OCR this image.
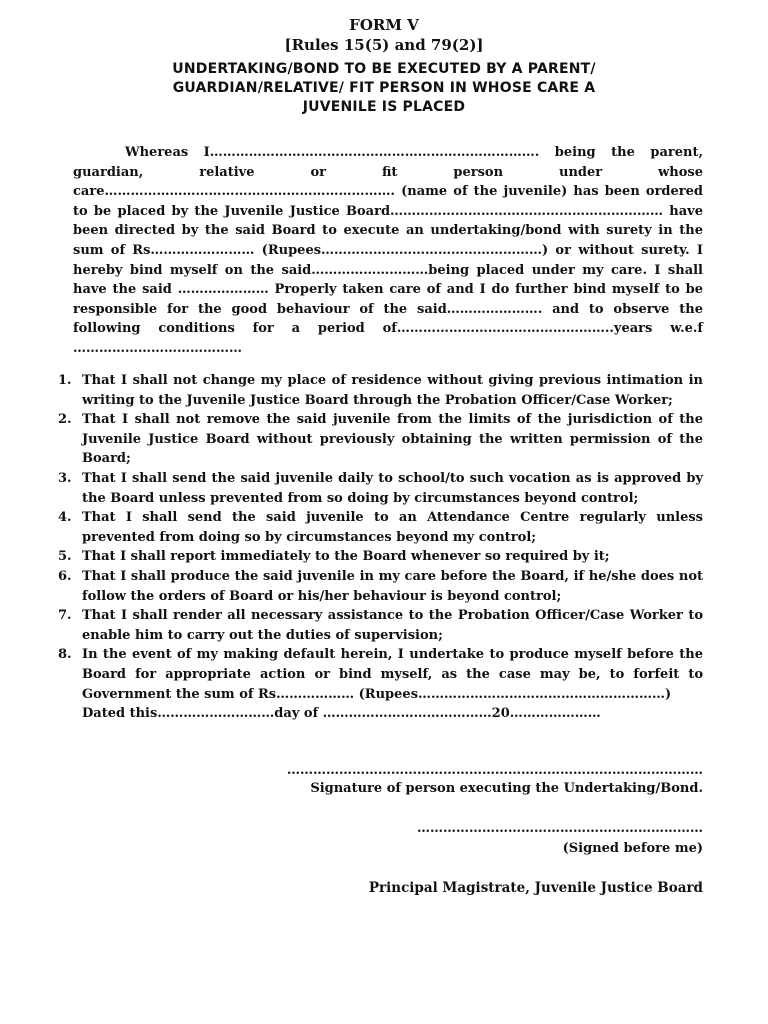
FORM V
[Rules 15(5) and 79(2)]
UNDERTAKING/BOND TO BE EXECUTED BY A PARENT/
GUARDIAN/RELATIVE/ FIT PERSON IN WHOSE CARE A
JUVENILE IS PLACED
Whereas I…………………………………………………………………. being the parent, guardian, relative or fit person under whose care…………………………………………………………. (name of the juvenile) has been ordered to be placed by the Juvenile Justice Board……………………………………………………… have been directed by the said Board to execute an undertaking/bond with surety in the sum of Rs…………………… (Rupees……………………………………………) or without surety. I hereby bind myself on the said………………………being placed under my care. I shall have the said ………………… Properly taken care of and I do further bind myself to be responsible for the good behaviour of the said…………………. and to observe the following conditions for a period of…………………………………………..years w.e.f …………………………………
1. That I shall not change my place of residence without giving previous intimation in writing to the Juvenile Justice Board through the Probation Officer/Case Worker;
2. That I shall not remove the said juvenile from the limits of the jurisdiction of the Juvenile Justice Board without previously obtaining the written permission of the Board;
3. That I shall send the said juvenile daily to school/to such vocation as is approved by the Board unless prevented from so doing by circumstances beyond control;
4. That I shall send the said juvenile to an Attendance Centre regularly unless prevented from doing so by circumstances beyond my control;
5. That I shall report immediately to the Board whenever so required by it;
6. That I shall produce the said juvenile in my care before the Board, if he/she does not follow the orders of Board or his/her behaviour is beyond control;
7. That I shall render all necessary assistance to the Probation Officer/Case Worker to enable him to carry out the duties of supervision;
8. In the event of my making default herein, I undertake to produce myself before the Board for appropriate action or bind myself, as the case may be, to forfeit to Government the sum of Rs……………… (Rupees…………………………………………………)
Dated this………………………day of …………………………………20…………………
……………………………………………………………………………………
Signature of person executing the Undertaking/Bond.
…………………………………………………………
(Signed before me)
Principal Magistrate, Juvenile Justice Board
